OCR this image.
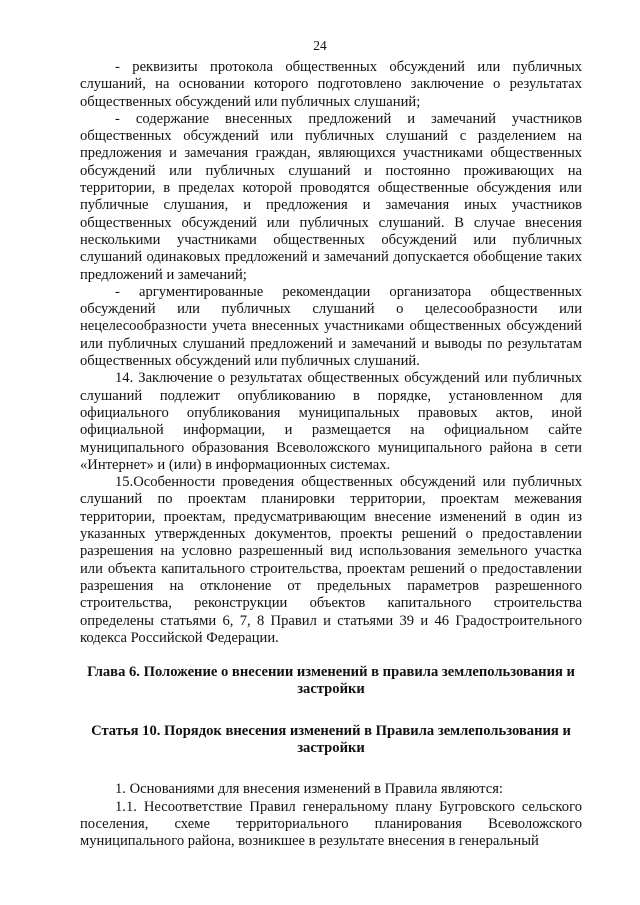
24

- реквизиты протокола общественных обсуждений или публичных слушаний, на основании которого подготовлено заключение о результатах общественных обсуждений или публичных слушаний;

- содержание внесенных предложений и замечаний участников общественных обсуждений или публичных слушаний с разделением на предложения и замечания граждан, являющихся участниками общественных обсуждений или публичных слушаний и постоянно проживающих на территории, в пределах которой проводятся общественные обсуждения или публичные слушания, и предложения и замечания иных участников общественных обсуждений или публичных слушаний. В случае внесения несколькими участниками общественных обсуждений или публичных слушаний одинаковых предложений и замечаний допускается обобщение таких предложений и замечаний;

- аргументированные рекомендации организатора общественных обсуждений или публичных слушаний о целесообразности или нецелесообразности учета внесенных участниками общественных обсуждений или публичных слушаний предложений и замечаний и выводы по результатам общественных обсуждений или публичных слушаний.

14. Заключение о результатах общественных обсуждений или публичных слушаний подлежит опубликованию в порядке, установленном для официального опубликования муниципальных правовых актов, иной официальной информации, и размещается на официальном сайте муниципального образования Всеволожского муниципального района в сети «Интернет» и (или) в информационных системах.

15.Особенности проведения общественных обсуждений или публичных слушаний по проектам планировки территории, проектам межевания территории, проектам, предусматривающим внесение изменений в один из указанных утвержденных документов, проекты решений о предоставлении разрешения на условно разрешенный вид использования земельного участка или объекта капитального строительства, проектам решений о предоставлении разрешения на отклонение от предельных параметров разрешенного строительства, реконструкции объектов капитального строительства определены статьями 6, 7, 8 Правил и статьями 39 и 46 Градостроительного кодекса Российской Федерации.

Глава 6. Положение о внесении изменений в правила землепользования и застройки

Статья 10. Порядок внесения изменений в Правила землепользования и застройки

1. Основаниями для внесения изменений в Правила являются:

1.1. Несоответствие Правил генеральному плану Бугровского сельского поселения, схеме территориального планирования Всеволожского муниципального района, возникшее в результате внесения в генеральный
